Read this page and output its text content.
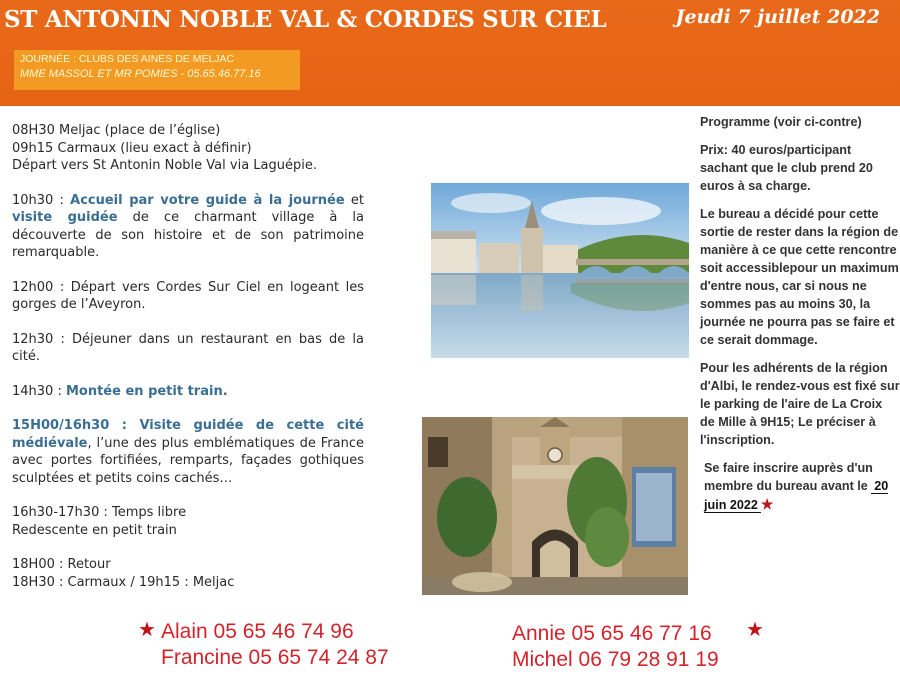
ST ANTONIN NOBLE VAL & CORDES SUR CIEL	Jeudi 7 juillet 2022
JOURNÉE : CLUBS DES AINES DE MELJAC
MME MASSOL ET MR POMIES - 05.65.46.77.16

08H30 Meljac (place de l’église)
09h15 Carmaux (lieu exact à définir)
Départ vers St Antonin Noble Val via Laguépie.

10h30 : Accueil par votre guide à la journée et visite guidée de ce charmant village à la découverte de son histoire et de son patrimoine remarquable.

12h00 : Départ vers Cordes Sur Ciel en logeant les gorges de l’Aveyron.

12h30 : Déjeuner dans un restaurant en bas de la cité.

14h30 : Montée en petit train.

15H00/16h30 : Visite guidée de cette cité médiévale, l’une des plus emblématiques de France avec portes fortifiées, remparts, façades gothiques sculptées et petits coins cachés…

16h30-17h30 : Temps libre
Redescente en petit train

18H00 : Retour
18H30 : Carmaux / 19h15 : Meljac

Programme (voir ci-contre)

Prix: 40 euros/participant sachant que le club prend 20 euros à sa charge.

Le bureau a décidé pour cette sortie de rester dans la région de manière à ce que cette rencontre soit accessiblepour un maximum d'entre nous, car si nous ne sommes pas au moins 30, la journée ne pourra pas se faire et ce serait dommage.

Pour les adhérents de la région d'Albi, le rendez-vous est fixé sur le parking de l'aire de La Croix de Mille à 9H15; Le préciser à l'inscription.

Se faire inscrire auprès d'un membre du bureau avant le 20 juin 2022 ★

★ Alain 05 65 46 74 96
Francine 05 65 74 24 87
Annie 05 65 46 77 16
Michel 06 79 28 91 19
★
